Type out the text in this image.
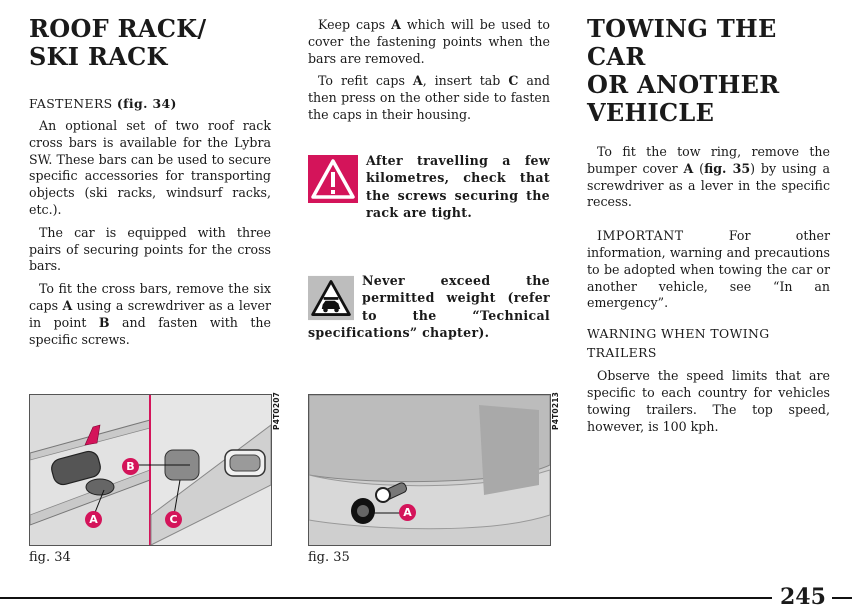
ROOF RACK/
SKI RACK
FASTENERS (fig. 34)

An optional set of two roof rack cross bars is available for the Lybra SW. These bars can be used to secure specific accessories for transporting objects (ski racks, windsurf racks, etc.).

The car is equipped with three pairs of securing points for the cross bars.

To fit the cross bars, remove the six caps A using a screwdriver as a lever in point B and fasten with the specific screws.

Keep caps A which will be used to cover the fastening points when the bars are removed.

To refit caps A, insert tab C and then press on the other side to fasten the caps in their housing.

After travelling a few kilometres, check that the screws securing the rack are tight.
Never exceed the permitted weight (refer to the “Technical specifications” chapter).
TOWING THE CAR
OR ANOTHER
VEHICLE

To fit the tow ring, remove the bumper cover A (fig. 35) by using a screwdriver as a lever in the specific recess.

IMPORTANT For other information, warning and precautions to be adopted when towing the car or another vehicle, see “In an emergency”.

WARNING WHEN TOWING TRAILERS

Observe the speed limits that are specific to each country for vehicles towing trailers. The top speed, however, is 100 kph.

A
B
C
P4T0207
fig. 34
A
P4T0213
fig. 35
245
